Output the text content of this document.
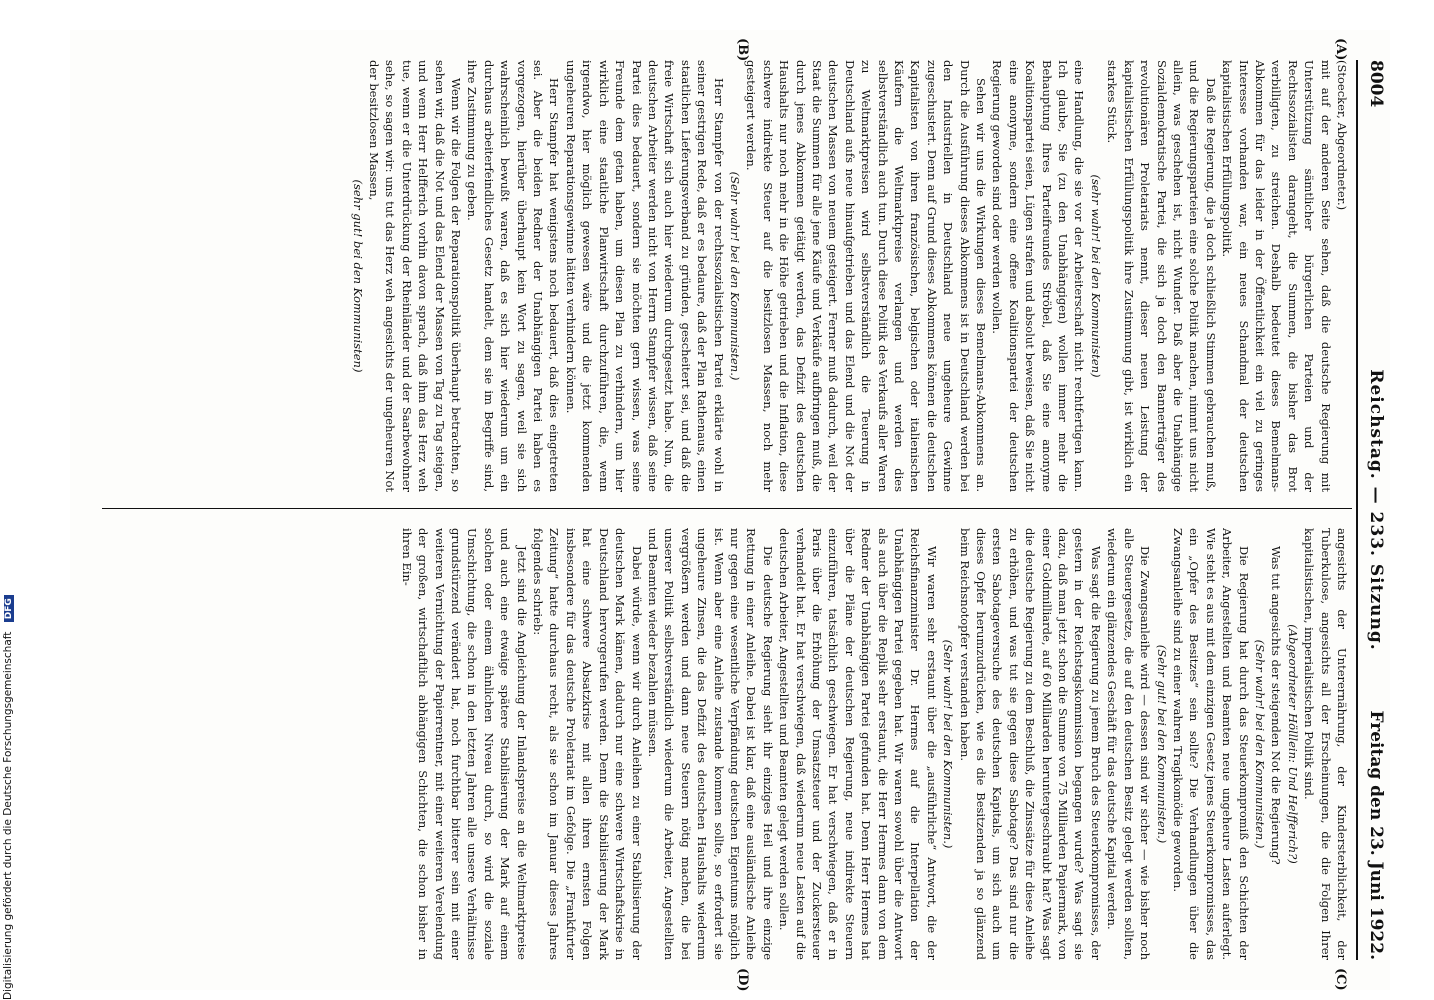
8004
Reichstag. — 233. Sitzung.
Freitag den 23. Juni 1922.
(A)
(B)
(C)
(D)

(Stoecker, Abgeordneter.)

mit auf der anderen Seite sehen, daß die deutsche Regierung mit Unterstützung sämtlicher bürgerlichen Parteien und der Rechtssozialisten darangeht, die Summen, die bisher das Brot verbilligten, zu streichen. Deshalb bedeutet dieses Bemelmans-Abkommen für das leider in der Öffentlichkeit ein viel zu geringes Interesse vorhanden war, ein neues Schandmal der deutschen kapitalistischen Erfüllungspolitik.

Daß die Regierung, die ja doch schließlich Stimmen gebrauchen muß, und die Regierungsparteien eine solche Politik machen, nimmt uns nicht allein, was geschehen ist, nicht Wunder. Daß aber die Unabhängige Sozialdemokratische Partei, die sich ja doch den Bannerträger des revolutionären Proletariats nennt, dieser neuen Leistung der kapitalistischen Erfüllungspolitik ihre Zustimmung gibt, ist wirklich ein starkes Stück.

(sehr wahr! bei den Kommunisten)

eine Handlung, die sie vor der Arbeiterschaft nicht rechtfertigen kann. Ich glaube, Sie (zu den Unabhängigen) wollen immer mehr die Behauptung Ihres Parteifreundes Ströbel, daß Sie eine anonyme Koalitionspartei seien, Lügen strafen und absolut beweisen, daß Sie nicht eine anonyme, sondern eine offene Koalitionspartei der deutschen Regierung geworden sind oder werden wollen.

Sehen wir uns die Wirkungen dieses Bemelmans-Abkommens an. Durch die Ausführung dieses Abkommens ist in Deutschland werden bei den Industriellen in Deutschland neue ungeheure Gewinne zugeschustert. Denn auf Grund dieses Abkommens können die deutschen Kapitalisten von ihren französischen, belgischen oder italienischen Käufern die Weltmarktpreise verlangen und werden dies selbstverständlich auch tun. Durch diese Politik des Verkaufs aller Waren zu Weltmarktpreisen wird selbstverständlich die Teuerung in Deutschland aufs neue hinaufgetrieben und das Elend und die Not der deutschen Massen von neuem gesteigert. Ferner muß dadurch, weil der Staat die Summen für alle jene Käufe und Verkäufe aufbringen muß, die durch jenes Abkommen getätigt werden, das Defizit des deutschen Haushalts nur noch mehr in die Höhe getrieben und die Inflation, diese schwere indirekte Steuer auf die besitzlosen Massen, noch mehr gesteigert werden.

(Sehr wahr! bei den Kommunisten.)

Herr Stampfer von der rechtssozialistischen Partei erklärte wohl in seiner gestrigen Rede, daß er es bedaure, daß der Plan Rathenaus, einen staatlichen Lieferungsverband zu gründen, gescheitert sei, und daß die freie Wirtschaft sich auch hier wiederum durchgesetzt habe. Nun, die deutschen Arbeiter werden nicht von Herrn Stampfer wissen, daß seine Partei dies bedauert, sondern sie möchten gern wissen, was seine Freunde dem getan haben, um diesen Plan zu verhindern, um hier wirklich eine staatliche Planwirtschaft durchzuführen, die, wenn irgendwo, hier möglich gewesen wäre und die jetzt kommenden ungeheuren Reparationsgewinne hätten verhindern können.

Herr Stampfer hat wenigstens noch bedauert, daß dies eingetreten sei. Aber die beiden Redner der Unabhängigen Partei haben es vorgezogen, hierüber überhaupt kein Wort zu sagen, weil sie sich wahrscheinlich bewußt waren, daß es sich hier wiederum um ein durchaus arbeiterfeindliches Gesetz handelt, dem sie im Begriffe sind, ihre Zustimmung zu geben.

Wenn wir die Folgen der Reparationspolitik überhaupt betrachten, so sehen wir, daß die Not und das Elend der Massen von Tag zu Tag steigen, und wenn Herr Helfferich vorhin davon sprach, daß ihm das Herz weh tue, wenn er die Unterdrückung der Rheinländer und der Saarbewohner sehe, so sagen wir: uns tut das Herz weh angesichts der ungeheuren Not der besitzlosen Massen,

(sehr gut! bei den Kommunisten)

angesichts der Unterernährung, der Kindersterblichkeit, der Tuberkulose, angesichts all der Erscheinungen, die die Folgen Ihrer kapitalistischen, imperialistischen Politik sind.

(Abgeordneter Hölllein: Und Helfferich?)

Was tut angesichts der steigenden Not die Regierung?

(Sehr wahr! bei den Kommunisten.)

Die Regierung hat durch das Steuerkompromiß den Schichten der Arbeiter, Angestellten und Beamten neue ungeheure Lasten auferlegt. Wie steht es aus mit dem einzigen Gesetz jenes Steuerkompromisses, das ein „Opfer des Besitzes“ sein sollte? Die Verhandlungen über die Zwangsanleihe sind zu einer wahren Tragikomödie geworden.

(Sehr gut! bei den Kommunisten.)

Die Zwangsanleihe wird — dessen sind wir sicher — wie bisher noch alle Steuergesetze, die auf den deutschen Besitz gelegt werden sollten, wiederum ein glänzendes Geschäft für das deutsche Kapital werden.

Was sagt die Regierung zu jenem Bruch des Steuerkompromisses, der gestern in der Reichstagskommission begangen wurde? Was sagt sie dazu, daß man jetzt schon die Summe von 75 Milliarden Papiermark, von einer Goldmilliarde, auf 60 Milliarden heruntergeschraubt hat? Was sagt die deutsche Regierung zu dem Beschluß, die Zinssätze für diese Anleihe zu erhöhen, und was tut sie gegen diese Sabotage? Das sind nur die ersten Sabotageversuche des deutschen Kapitals, um sich auch um dieses Opfer herumzudrücken, wie es die Besitzenden ja so glänzend beim Reichsnotopfer verstanden haben.

(Sehr wahr! bei den Kommunisten.)

Wir waren sehr erstaunt über die „ausführliche“ Antwort, die der Reichsfinanzminister Dr. Hermes auf die Interpellation der Unabhängigen Partei gegeben hat. Wir waren sowohl über die Antwort als auch über die Replik sehr erstaunt, die Herr Hermes dann von dem Redner der Unabhängigen Partei gefunden hat. Denn Herr Hermes hat über die Pläne der deutschen Regierung, neue indirekte Steuern einzuführen, tatsächlich geschwiegen. Er hat verschwiegen, daß er in Paris über die Erhöhung der Umsatzsteuer und der Zuckersteuer verhandelt hat. Er hat verschwiegen, daß wiederum neue Lasten auf die deutschen Arbeiter, Angestellten und Beamten gelegt werden sollen.

Die deutsche Regierung sieht ihr einziges Heil und ihre einzige Rettung in einer Anleihe. Dabei ist klar, daß eine ausländische Anleihe nur gegen eine wesentliche Verpfändung deutschen Eigentums möglich ist. Wenn aber eine Anleihe zustande kommen sollte, so erfordert sie ungeheure Zinsen, die das Defizit des deutschen Haushalts wiederum vergrößern werden und dann neue Steuern nötig machen, die bei unserer Politik selbstverständlich wiederum die Arbeiter, Angestellten und Beamten wieder bezahlen müssen.

Dabei würde, wenn wir durch Anleihen zu einer Stabilisierung der deutschen Mark kämen, dadurch nur eine schwere Wirtschaftskrise in Deutschland hervorgerufen werden. Denn die Stabilisierung der Mark hat eine schwere Absatzkrise mit allen ihren ernsten Folgen insbesondere für das deutsche Proletariat im Gefolge. Die „Frankfurter Zeitung“ hatte durchaus recht, als sie schon im Januar dieses Jahres folgendes schrieb:

Jetzt sind die Angleichung der Inlandspreise an die Weltmarktpreise und auch eine etwaige spätere Stabilisierung der Mark auf einem solchen oder einem ähnlichen Niveau durch, so wird die soziale Umschichtung, die schon in den letzten Jahren alle unsere Verhältnisse grundstürzend verändert hat, noch furchtbar bitterer sein mit einer weiteren Vernichtung der Papierrentner, mit einer weiteren Verelendung der großen, wirtschaftlich abhängigen Schichten, die schon bisher in ihren Ein-

Digitalisierung gefördert durch die Deutsche Forschungsgemeinschaft DFG
